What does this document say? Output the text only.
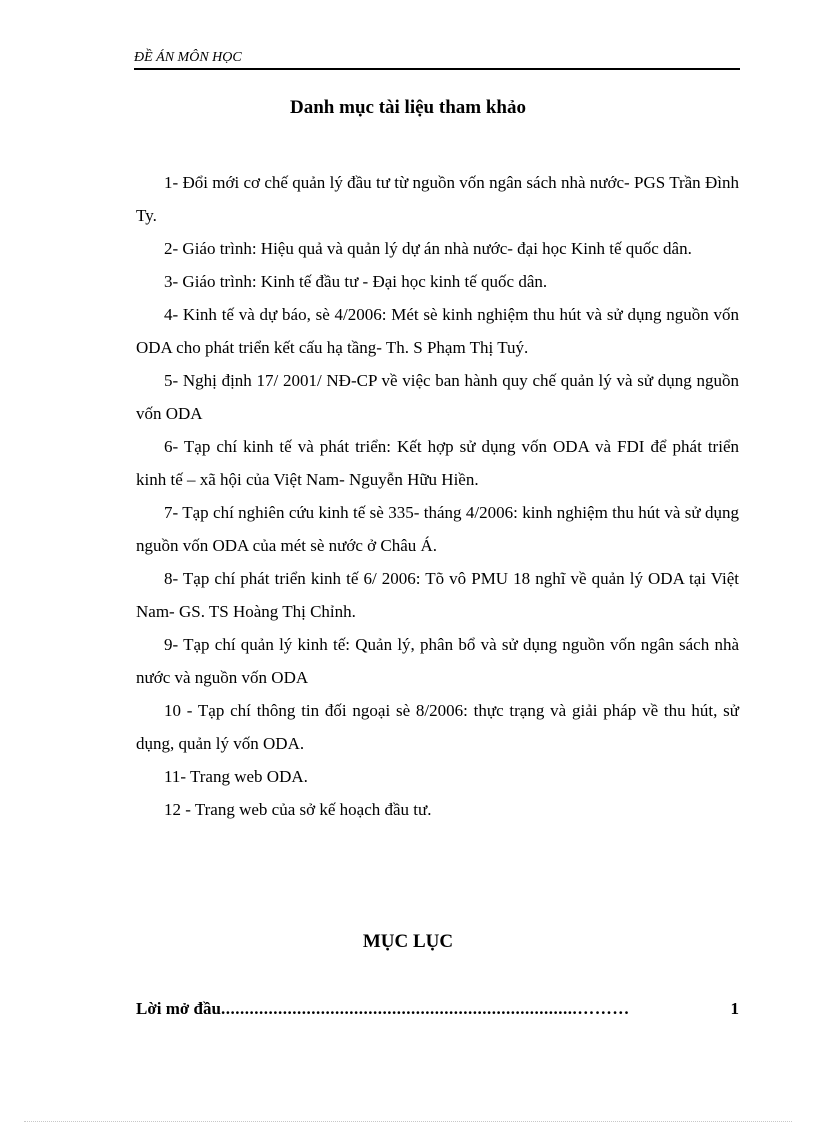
ĐỀ ÁN MÔN HỌC
Danh mục tài liệu tham khảo

1- Đổi mới cơ chế quản lý đầu tư từ nguồn vốn ngân sách nhà nước- PGS Trần Đình Ty.

2- Giáo trình: Hiệu quả và quản lý dự án nhà nước- đại học Kinh tế quốc dân.

3- Giáo trình: Kinh tế đầu tư - Đại học kinh tế quốc dân.

4- Kinh tế và dự báo, sè 4/2006: Mét sè kinh nghiệm thu hút và sử dụng nguồn vốn ODA cho phát triển kết cấu hạ tầng- Th. S Phạm Thị Tuý.

5- Nghị định 17/ 2001/ NĐ-CP về việc ban hành quy chế quản lý và sử dụng nguồn vốn ODA

6- Tạp chí kinh tế và phát triển: Kết hợp sử dụng vốn ODA và FDI để phát triển kinh tế – xã hội của Việt Nam- Nguyễn Hữu Hiền.

7- Tạp chí nghiên cứu kinh tế sè 335- tháng 4/2006: kinh nghiệm thu hút và sử dụng nguồn vốn ODA của mét sè nước ở Châu Á.

8- Tạp chí phát triển kinh tế 6/ 2006: Tõ vô PMU 18 nghĩ về quản lý ODA tại Việt Nam- GS. TS Hoàng Thị Chỉnh.

9- Tạp chí quản lý kinh tế: Quản lý, phân bổ và sử dụng nguồn vốn ngân sách nhà nước và nguồn vốn ODA

10 - Tạp chí thông tin đối ngoại sè 8/2006: thực trạng và giải pháp về thu hút, sử dụng, quản lý vốn ODA.

11- Trang web ODA.

12 - Trang web của sở kế hoạch đầu tư.

MỤC LỤC
Lời mở đầu ...........................................................................………	1
